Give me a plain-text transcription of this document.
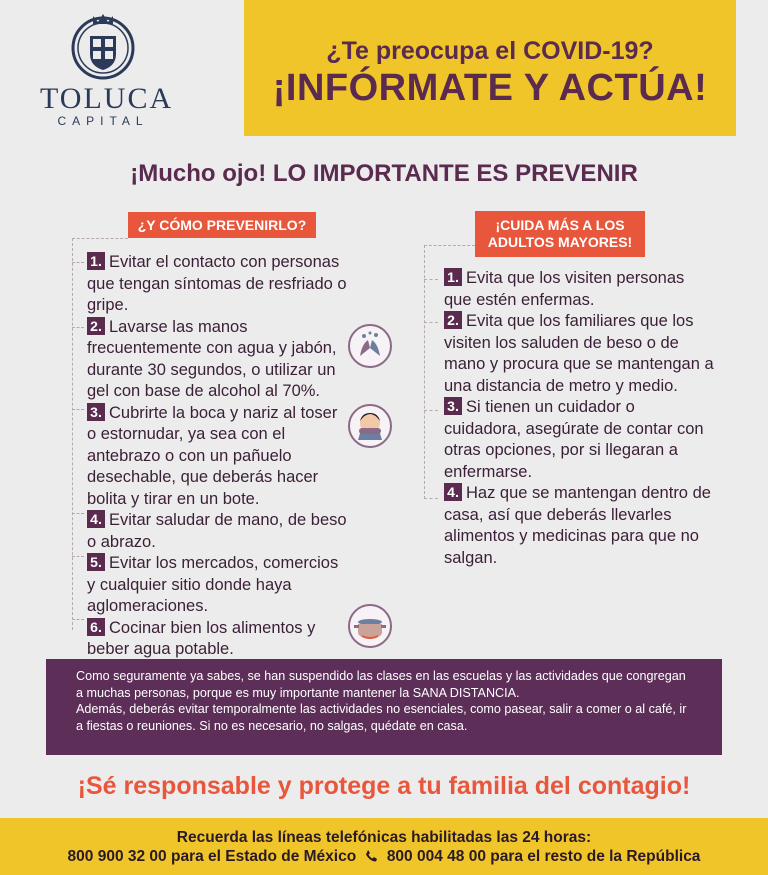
TOLUCA
CAPITAL
¿Te preocupa el COVID-19?
¡INFÓRMATE Y ACTÚA!
¡Mucho ojo! LO IMPORTANTE ES PREVENIR
¿Y CÓMO PREVENIRLO?
1. Evitar el contacto con personas que tengan síntomas de resfriado o gripe.
2. Lavarse las manos frecuentemente con agua y jabón, durante 30 segundos, o utilizar un gel con base de alcohol al 70%.
3. Cubrirte la boca y nariz al toser o estornudar, ya sea con el antebrazo o con un pañuelo desechable, que deberás hacer bolita y tirar en un bote.
4. Evitar saludar de mano, de beso o abrazo.
5. Evitar los mercados, comercios y cualquier sitio donde haya aglomeraciones.
6. Cocinar bien los alimentos y beber agua potable.
¡CUIDA MÁS A LOS
ADULTOS MAYORES!
1. Evita que los visiten personas que estén enfermas.
2. Evita que los familiares que los visiten los saluden de beso o de mano y procura que se mantengan a una distancia de metro y medio.
3. Si tienen un cuidador o cuidadora, asegúrate de contar con otras opciones, por si llegaran a enfermarse.
4. Haz que se mantengan dentro de casa, así que deberás llevarles alimentos y medicinas para que no salgan.
Como seguramente ya sabes, se han suspendido las clases en las escuelas y las actividades que congregan a muchas personas, porque es muy importante mantener la SANA DISTANCIA.
Además, deberás evitar temporalmente las actividades no esenciales, como pasear, salir a comer o al café, ir a fiestas o reuniones. Si no es necesario, no salgas, quédate en casa.
¡Sé responsable y protege a tu familia del contagio!
Recuerda las líneas telefónicas habilitadas las 24 horas:
800 900 32 00 para el Estado de México 800 004 48 00 para el resto de la República
